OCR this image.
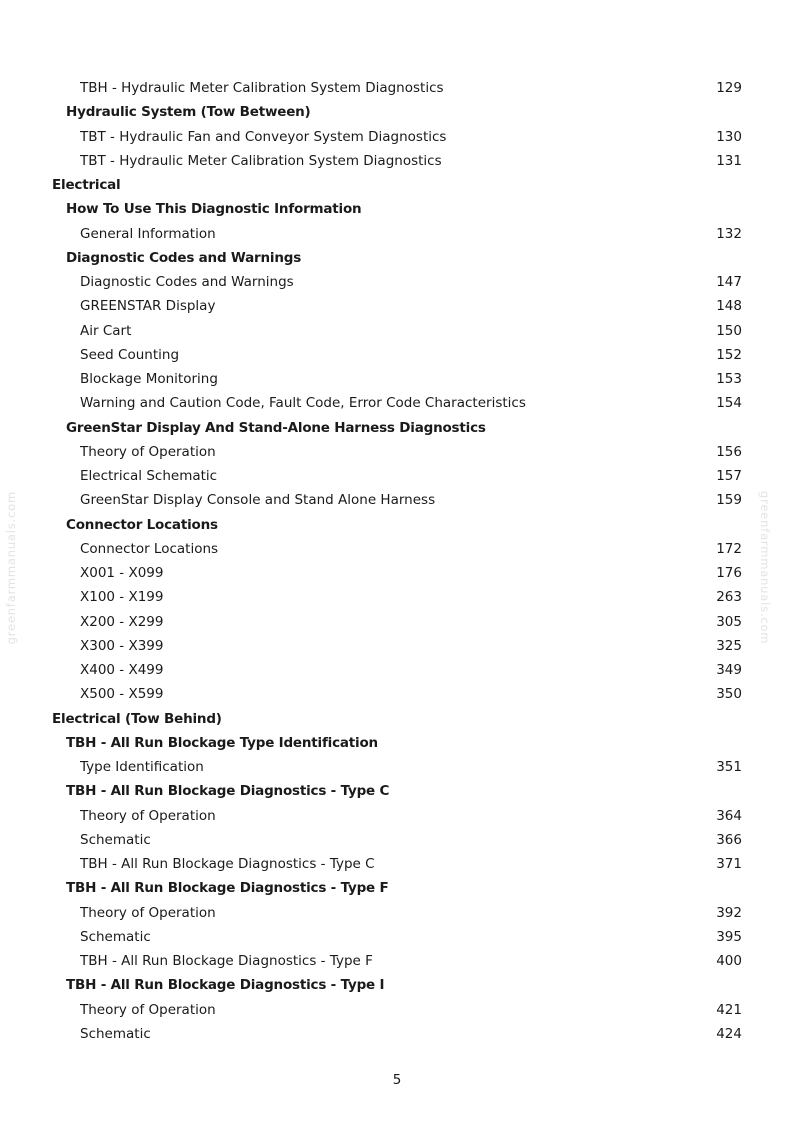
greenfarmmanuals.com	greenfarmmanuals.com
TBH - Hydraulic Meter Calibration System Diagnostics	129
Hydraulic System (Tow Between)
TBT - Hydraulic Fan and Conveyor System Diagnostics	130
TBT - Hydraulic Meter Calibration System Diagnostics	131
Electrical
How To Use This Diagnostic Information
General Information	132
Diagnostic Codes and Warnings
Diagnostic Codes and Warnings	147
GREENSTAR Display	148
Air Cart	150
Seed Counting	152
Blockage Monitoring	153
Warning and Caution Code, Fault Code, Error Code Characteristics	154
GreenStar Display And Stand-Alone Harness Diagnostics
Theory of Operation	156
Electrical Schematic	157
GreenStar Display Console and Stand Alone Harness	159
Connector Locations
Connector Locations	172
X001 - X099	176
X100 - X199	263
X200 - X299	305
X300 - X399	325
X400 - X499	349
X500 - X599	350
Electrical (Tow Behind)
TBH - All Run Blockage Type Identification
Type Identification	351
TBH - All Run Blockage Diagnostics - Type C
Theory of Operation	364
Schematic	366
TBH - All Run Blockage Diagnostics - Type C	371
TBH - All Run Blockage Diagnostics - Type F
Theory of Operation	392
Schematic	395
TBH - All Run Blockage Diagnostics - Type F	400
TBH - All Run Blockage Diagnostics - Type I
Theory of Operation	421
Schematic	424
5
